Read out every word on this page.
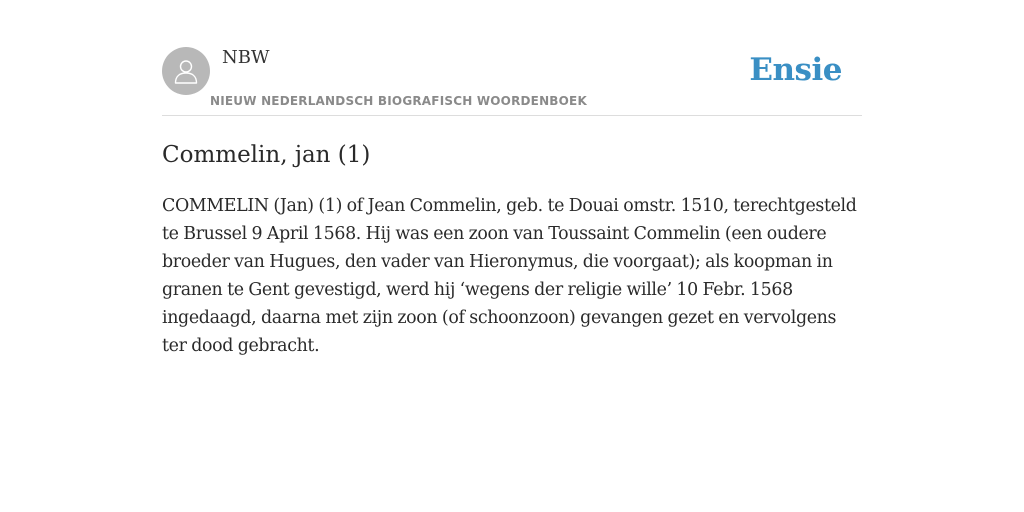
NBW
NIEUW NEDERLANDSCH BIOGRAFISCH WOORDENBOEK
Ensie
Commelin, jan (1)

COMMELIN (Jan) (1) of Jean Commelin, geb. te Douai omstr. 1510, terechtgesteld te Brussel 9 April 1568. Hij was een zoon van Toussaint Commelin (een oudere broeder van Hugues, den vader van Hieronymus, die voorgaat); als koopman in granen te Gent gevestigd, werd hij ‘wegens der religie wille’ 10 Febr. 1568 ingedaagd, daarna met zijn zoon (of schoonzoon) gevangen gezet en vervolgens ter dood gebracht.
